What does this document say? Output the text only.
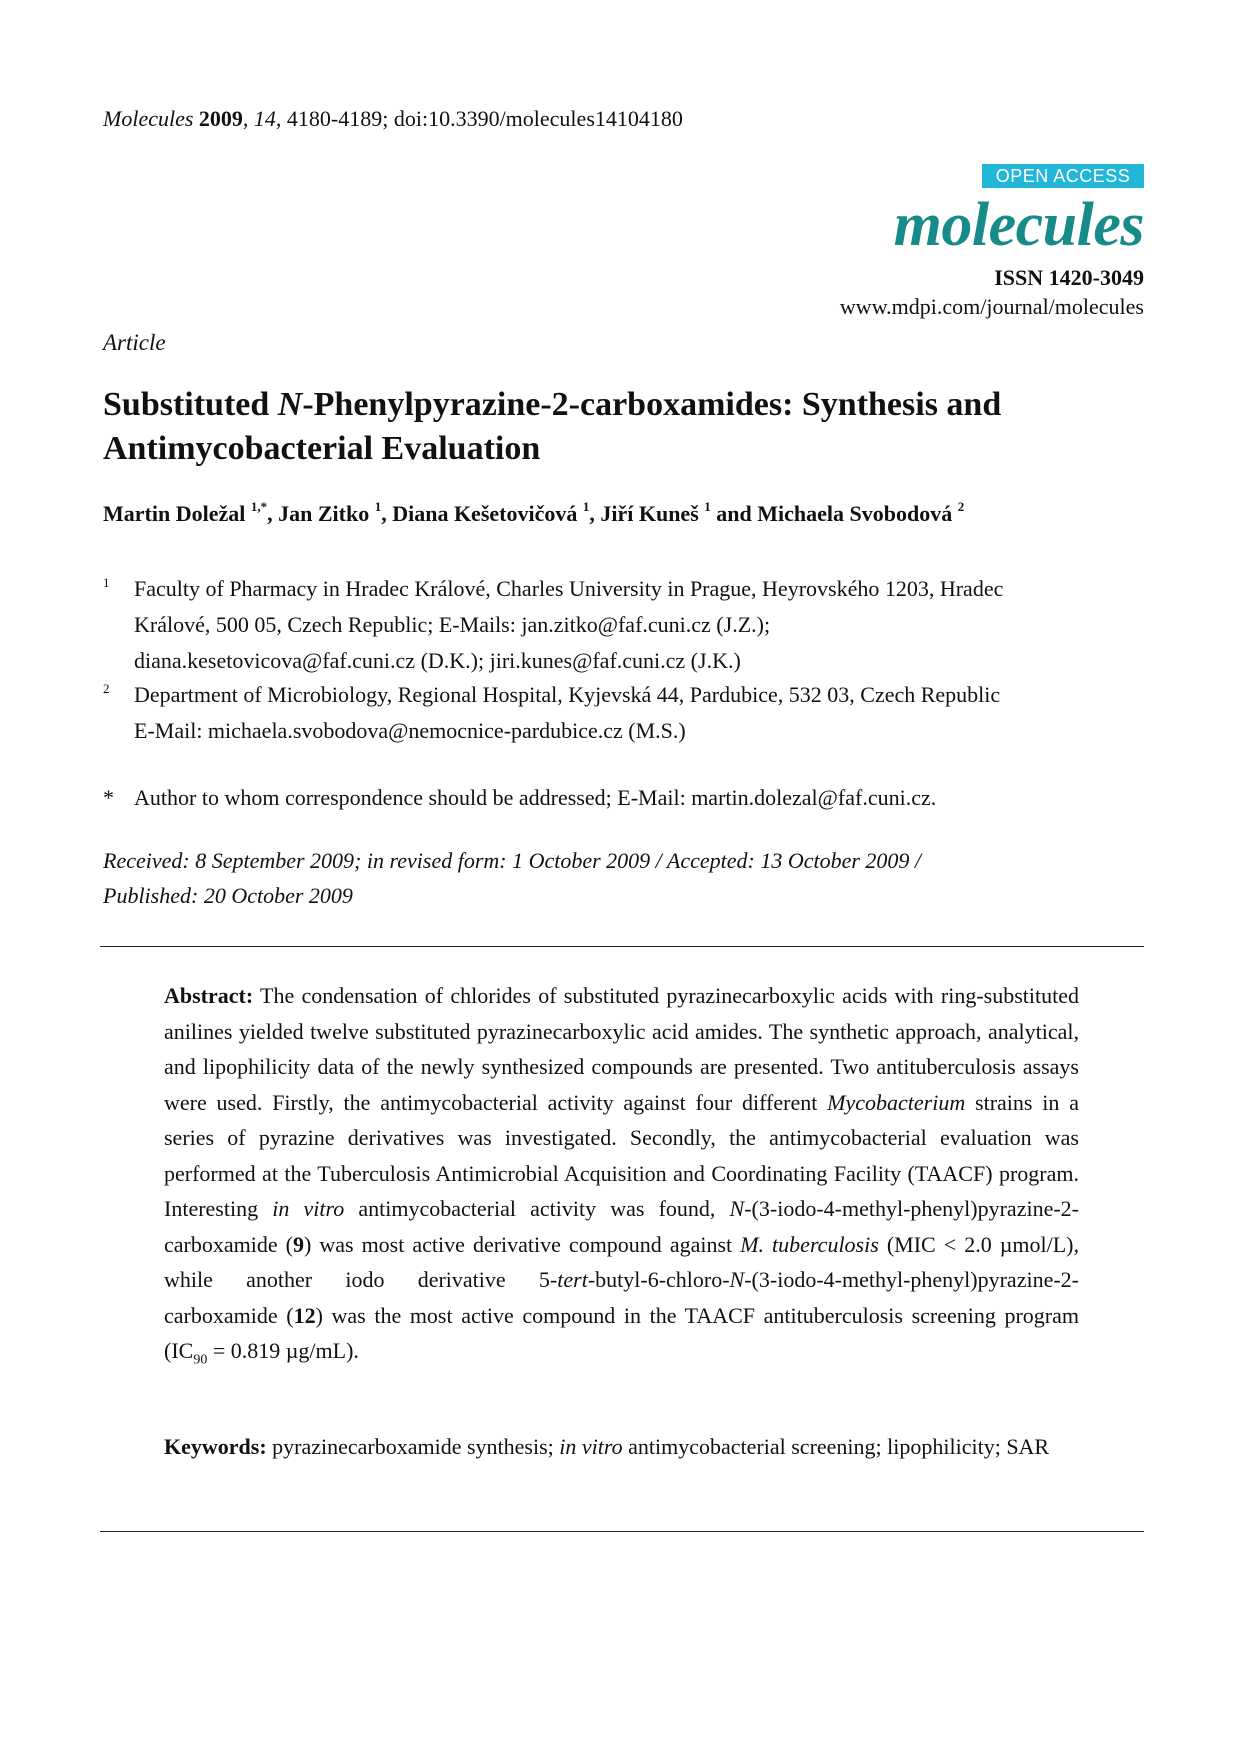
Molecules 2009, 14, 4180-4189; doi:10.3390/molecules14104180
OPEN ACCESS
molecules
ISSN 1420-3049
www.mdpi.com/journal/molecules
Article
Substituted N-Phenylpyrazine-2-carboxamides: Synthesis and Antimycobacterial Evaluation
Martin Doležal $^{1,*}$, Jan Zitko $^1$, Diana Kešetovičová $^1$, Jiří Kuneš $^1$ and Michaela Svobodová $^2$
1 Faculty of Pharmacy in Hradec Králové, Charles University in Prague, Heyrovského 1203, Hradec
Králové, 500 05, Czech Republic; E-Mails: jan.zitko@faf.cuni.cz (J.Z.);
diana.kesetovicova@faf.cuni.cz (D.K.); jiri.kunes@faf.cuni.cz (J.K.)
2 Department of Microbiology, Regional Hospital, Kyjevská 44, Pardubice, 532 03, Czech Republic
E-Mail: michaela.svobodova@nemocnice-pardubice.cz (M.S.)
* Author to whom correspondence should be addressed; E-Mail: martin.dolezal@faf.cuni.cz.
Received: 8 September 2009; in revised form: 1 October 2009 / Accepted: 13 October 2009 /
Published: 20 October 2009
Abstract: The condensation of chlorides of substituted pyrazinecarboxylic acids with ring-substituted anilines yielded twelve substituted pyrazinecarboxylic acid amides. The synthetic approach, analytical, and lipophilicity data of the newly synthesized compounds are presented. Two antituberculosis assays were used. Firstly, the antimycobacterial activity against four different Mycobacterium strains in a series of pyrazine derivatives was investigated. Secondly, the antimycobacterial evaluation was performed at the Tuberculosis Antimicrobial Acquisition and Coordinating Facility (TAACF) program. Interesting in vitro antimycobacterial activity was found, N-(3-iodo-4-methyl-phenyl)pyrazine-2-carboxamide (9) was most active derivative compound against M. tuberculosis (MIC < 2.0 µmol/L), while another iodo derivative 5-tert-butyl-6-chloro-N-(3-iodo-4-methyl-phenyl)pyrazine-2-carboxamide (12) was the most active compound in the TAACF antituberculosis screening program ($IC_{90} = 0.819$ µg/mL).
Keywords: pyrazinecarboxamide synthesis; in vitro antimycobacterial screening; lipophilicity; SAR
